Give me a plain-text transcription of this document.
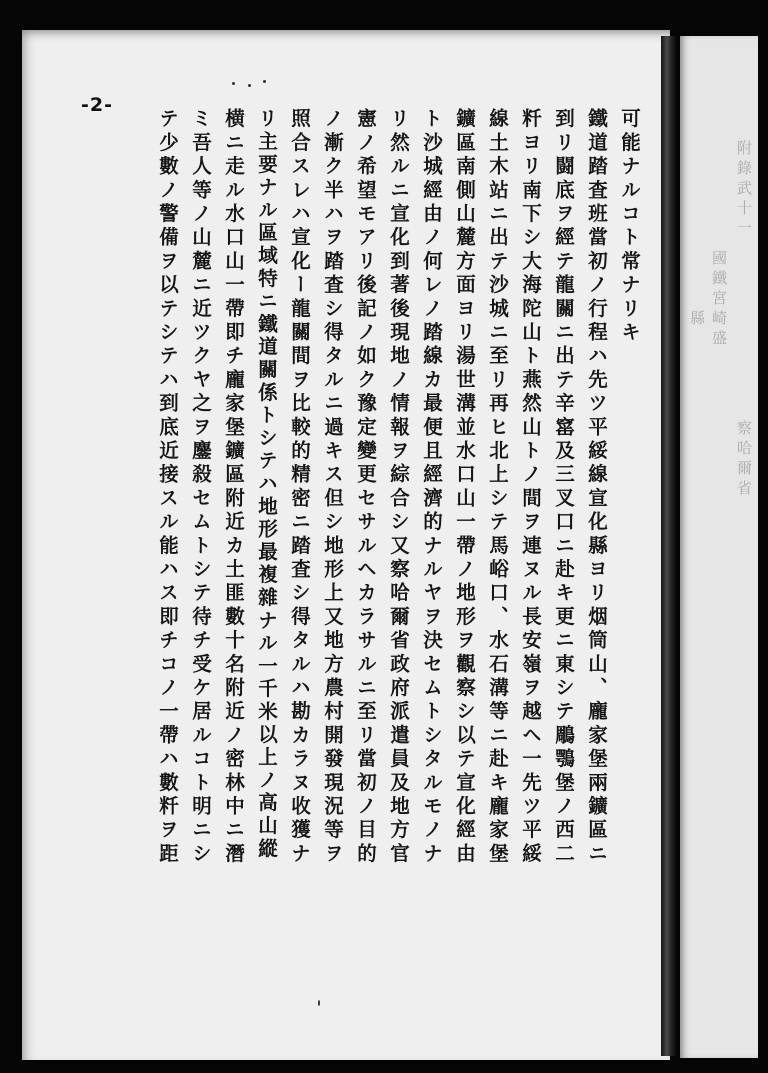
-2-
可能ナルコト常ナリキ
鐵道踏査班當初ノ行程ハ先ツ平綏線宣化縣ヨリ烟筒山、龐家堡兩鑛區ニ
到リ闘底ヲ經テ龍關ニ出テ辛窰及三叉口ニ赴キ更ニ東シテ鵰鶚堡ノ西二
粁ヨリ南下シ大海陀山ト燕然山トノ間ヲ連ヌル長安嶺ヲ越ヘ一先ツ平綏
線土木站ニ出テ沙城ニ至リ再ヒ北上シテ馬峪口、水石溝等ニ赴キ龐家堡
鑛區南側山麓方面ヨリ湯世溝並水口山一帶ノ地形ヲ觀察シ以テ宣化經由
ト沙城經由ノ何レノ踏線カ最便且經濟的ナルヤヲ決セムトシタルモノナ
リ然ルニ宣化到著後現地ノ情報ヲ綜合シ又察哈爾省政府派遣員及地方官
憲ノ希望モアリ後記ノ如ク豫定變更セサルヘカラサルニ至リ當初ノ目的
ノ漸ク半ハヲ踏査シ得タルニ過キス但シ地形上又地方農村開發現況等ヲ
照合スレハ宣化ー龍關間ヲ比較的精密ニ踏査シ得タルハ勘カラヌ收獲ナ
リ主要ナル區域特ニ鐵道關係トシテハ地形最複雜ナル一千米以上ノ高山縱
横ニ走ル水口山一帶即チ龐家堡鑛區附近カ土匪數十名附近ノ密林中ニ潛
ミ吾人等ノ山麓ニ近ツクヤ之ヲ鏖殺セムトシテ待チ受ケ居ルコト明ニシ
テ少數ノ警備ヲ以テシテハ到底近接スル能ハス即チコノ一帶ハ數粁ヲ距	附錄武十一
國鐵宮崎盛
察哈爾省
縣
